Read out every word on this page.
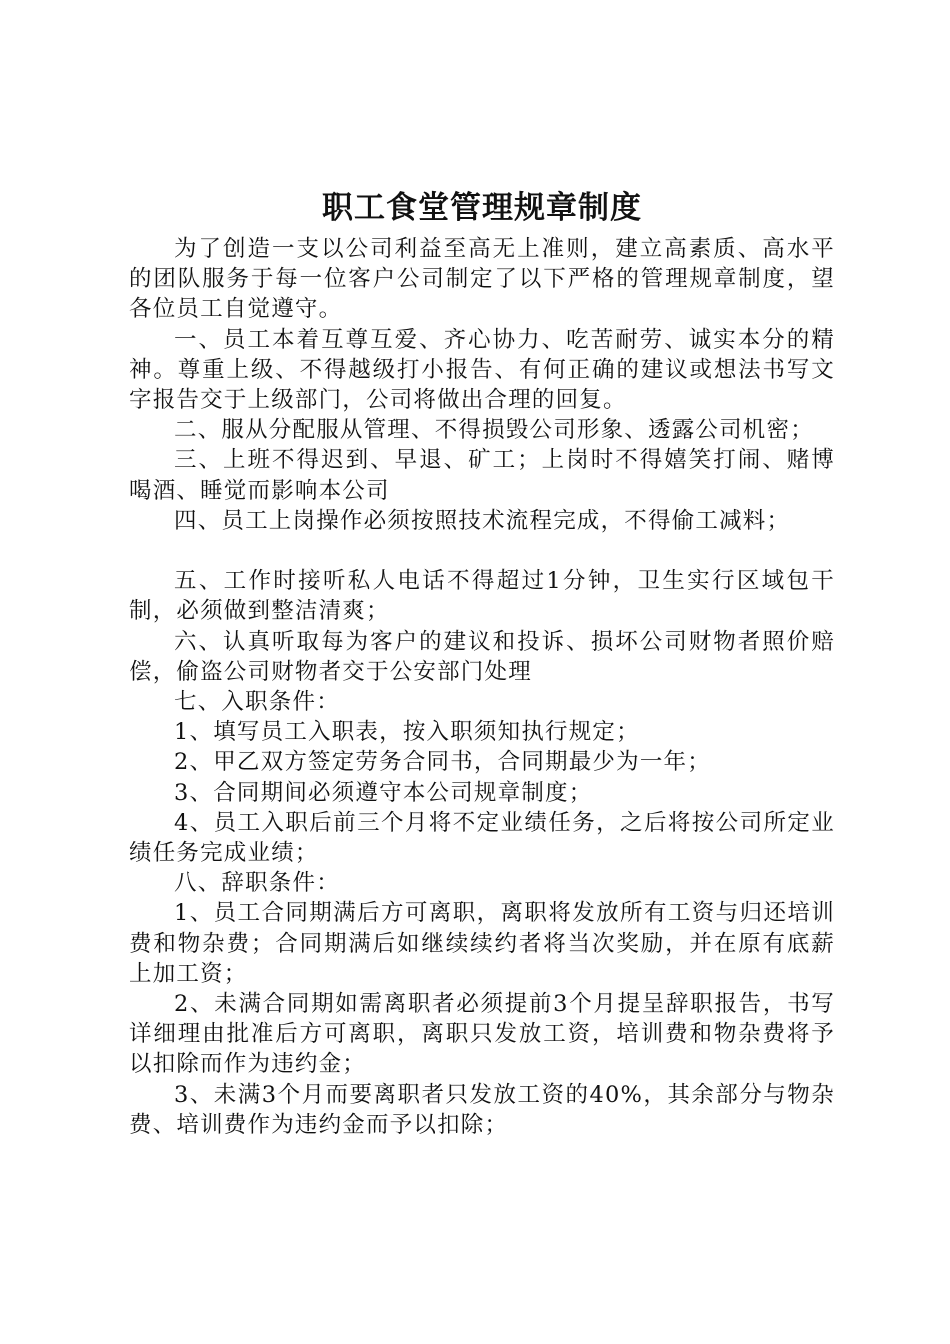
职工食堂管理规章制度

为了创造一支以公司利益至高无上准则，建立高素质、高水平的团队服务于每一位客户公司制定了以下严格的管理规章制度，望各位员工自觉遵守。

一、员工本着互尊互爱、齐心协力、吃苦耐劳、诚实本分的精神。尊重上级、不得越级打小报告、有何正确的建议或想法书写文字报告交于上级部门，公司将做出合理的回复。

二、服从分配服从管理、不得损毁公司形象、透露公司机密；

三、上班不得迟到、早退、矿工；上岗时不得嬉笑打闹、赌博喝酒、睡觉而影响本公司

四、员工上岗操作必须按照技术流程完成，不得偷工减料；

五、工作时接听私人电话不得超过1分钟，卫生实行区域包干制，必须做到整洁清爽；

六、认真听取每为客户的建议和投诉、损坏公司财物者照价赔偿，偷盗公司财物者交于公安部门处理

七、入职条件：

1、填写员工入职表，按入职须知执行规定；

2、甲乙双方签定劳务合同书，合同期最少为一年；

3、合同期间必须遵守本公司规章制度；

4、员工入职后前三个月将不定业绩任务，之后将按公司所定业绩任务完成业绩；

八、辞职条件：

1、员工合同期满后方可离职，离职将发放所有工资与归还培训费和物杂费；合同期满后如继续续约者将当次奖励，并在原有底薪上加工资；

2、未满合同期如需离职者必须提前3个月提呈辞职报告，书写详细理由批准后方可离职，离职只发放工资，培训费和物杂费将予以扣除而作为违约金；

3、未满3个月而要离职者只发放工资的40%，其余部分与物杂费、培训费作为违约金而予以扣除；
